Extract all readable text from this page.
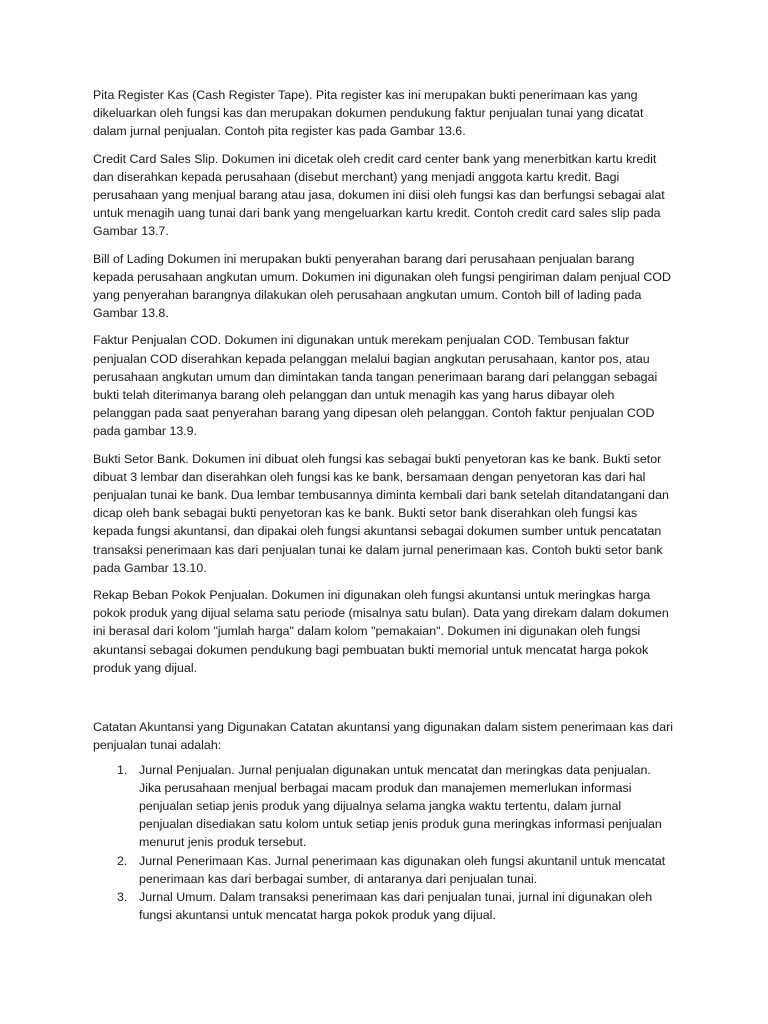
Pita Register Kas (Cash Register Tape). Pita register kas ini merupakan bukti penerimaan kas yang dikeluarkan oleh fungsi kas dan merupakan dokumen pendukung faktur penjualan tunai yang dicatat dalam jurnal penjualan. Contoh pita register kas pada Gambar 13.6.

Credit Card Sales Slip. Dokumen ini dicetak oleh credit card center bank yang menerbitkan kartu kredit dan diserahkan kepada perusahaan (disebut merchant) yang menjadi anggota kartu kredit. Bagi perusahaan yang menjual barang atau jasa, dokumen ini diisi oleh fungsi kas dan berfungsi sebagai alat untuk menagih uang tunai dari bank yang mengeluarkan kartu kredit. Contoh credit card sales slip pada Gambar 13.7.

Bill of Lading Dokumen ini merupakan bukti penyerahan barang dari perusahaan penjualan barang kepada perusahaan angkutan umum. Dokumen ini digunakan oleh fungsi pengiriman dalam penjual COD yang penyerahan barangnya dilakukan oleh perusahaan angkutan umum. Contoh bill of lading pada Gambar 13.8.

Faktur Penjualan COD. Dokumen ini digunakan untuk merekam penjualan COD. Tembusan faktur penjualan COD diserahkan kepada pelanggan melalui bagian angkutan perusahaan, kantor pos, atau perusahaan angkutan umum dan dimintakan tanda tangan penerimaan barang dari pelanggan sebagai bukti telah diterimanya barang oleh pelanggan dan untuk menagih kas yang harus dibayar oleh pelanggan pada saat penyerahan barang yang dipesan oleh pelanggan. Contoh faktur penjualan COD pada gambar 13.9.

Bukti Setor Bank. Dokumen ini dibuat oleh fungsi kas sebagai bukti penyetoran kas ke bank. Bukti setor dibuat 3 lembar dan diserahkan oleh fungsi kas ke bank, bersamaan dengan penyetoran kas dari hal penjualan tunai ke bank. Dua lembar tembusannya diminta kembali dari bank setelah ditandatangani dan dicap oleh bank sebagai bukti penyetoran kas ke bank. Bukti setor bank diserahkan oleh fungsi kas kepada fungsi akuntansi, dan dipakai oleh fungsi akuntansi sebagai dokumen sumber untuk pencatatan transaksi penerimaan kas dari penjualan tunai ke dalam jurnal penerimaan kas. Contoh bukti setor bank pada Gambar 13.10.

Rekap Beban Pokok Penjualan. Dokumen ini digunakan oleh fungsi akuntansi untuk meringkas harga pokok produk yang dijual selama satu periode (misalnya satu bulan). Data yang direkam dalam dokumen ini berasal dari kolom "jumlah harga" dalam kolom "pemakaian". Dokumen ini digunakan oleh fungsi akuntansi sebagai dokumen pendukung bagi pembuatan bukti memorial untuk mencatat harga pokok produk yang dijual.

Catatan Akuntansi yang Digunakan Catatan akuntansi yang digunakan dalam sistem penerimaan kas dari penjualan tunai adalah:

1. Jurnal Penjualan. Jurnal penjualan digunakan untuk mencatat dan meringkas data penjualan. Jika perusahaan menjual berbagai macam produk dan manajemen memerlukan informasi penjualan setiap jenis produk yang dijualnya selama jangka waktu tertentu, dalam jurnal penjualan disediakan satu kolom untuk setiap jenis produk guna meringkas informasi penjualan menurut jenis produk tersebut.
2. Jurnal Penerimaan Kas. Jurnal penerimaan kas digunakan oleh fungsi akuntanil untuk mencatat penerimaan kas dari berbagai sumber, di antaranya dari penjualan tunai.
3. Jurnal Umum. Dalam transaksi penerimaan kas dari penjualan tunai, jurnal ini digunakan oleh fungsi akuntansi untuk mencatat harga pokok produk yang dijual.
